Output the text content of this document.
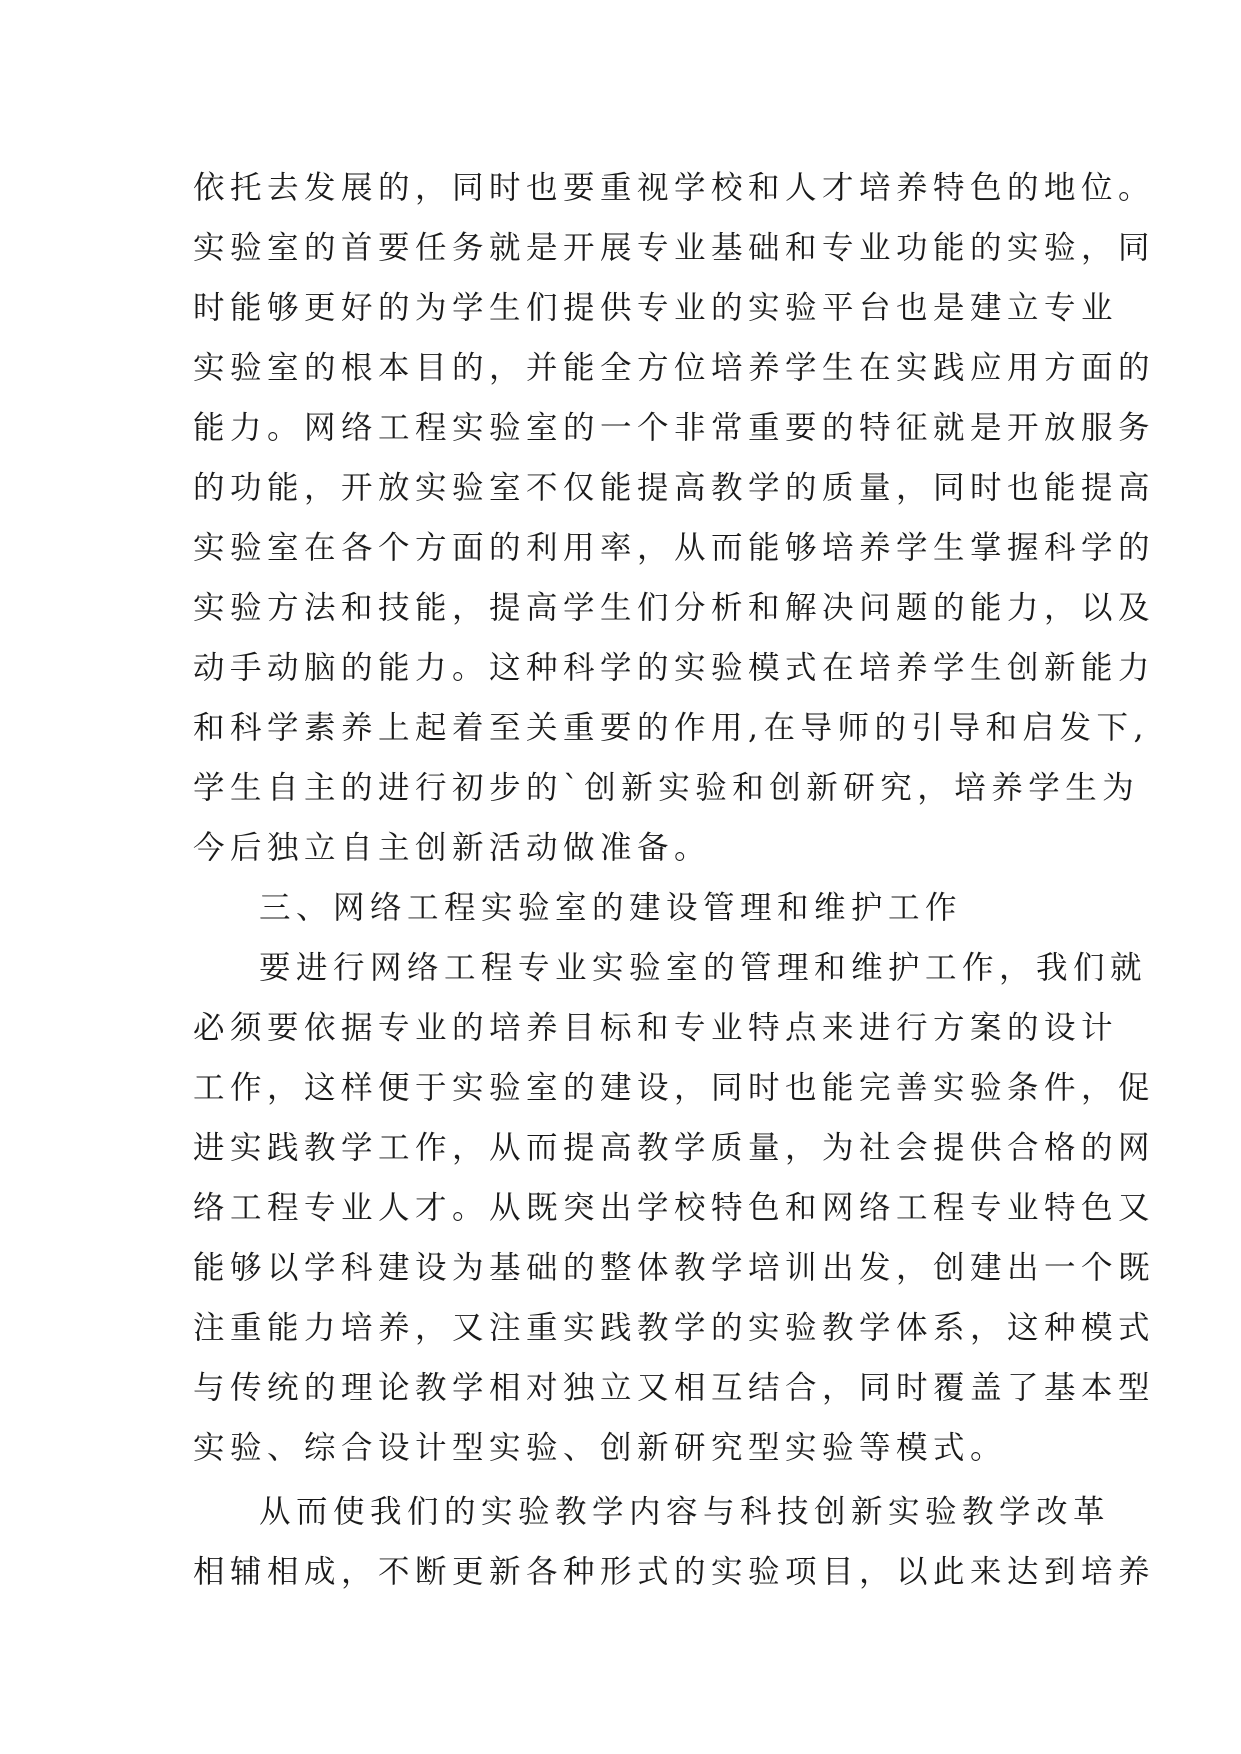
依托去发展的，同时也要重视学校和人才培养特色的地位。
实验室的首要任务就是开展专业基础和专业功能的实验，同
时能够更好的为学生们提供专业的实验平台也是建立专业
实验室的根本目的，并能全方位培养学生在实践应用方面的
能力。网络工程实验室的一个非常重要的特征就是开放服务
的功能，开放实验室不仅能提高教学的质量，同时也能提高
实验室在各个方面的利用率，从而能够培养学生掌握科学的
实验方法和技能，提高学生们分析和解决问题的能力，以及
动手动脑的能力。这种科学的实验模式在培养学生创新能力
和科学素养上起着至关重要的作用,在导师的引导和启发下,
学生自主的进行初步的`创新实验和创新研究，培养学生为
今后独立自主创新活动做准备。
三、网络工程实验室的建设管理和维护工作
要进行网络工程专业实验室的管理和维护工作，我们就
必须要依据专业的培养目标和专业特点来进行方案的设计
工作，这样便于实验室的建设，同时也能完善实验条件，促
进实践教学工作，从而提高教学质量，为社会提供合格的网
络工程专业人才。从既突出学校特色和网络工程专业特色又
能够以学科建设为基础的整体教学培训出发，创建出一个既
注重能力培养，又注重实践教学的实验教学体系，这种模式
与传统的理论教学相对独立又相互结合，同时覆盖了基本型
实验、综合设计型实验、创新研究型实验等模式。
从而使我们的实验教学内容与科技创新实验教学改革
相辅相成，不断更新各种形式的实验项目，以此来达到培养
